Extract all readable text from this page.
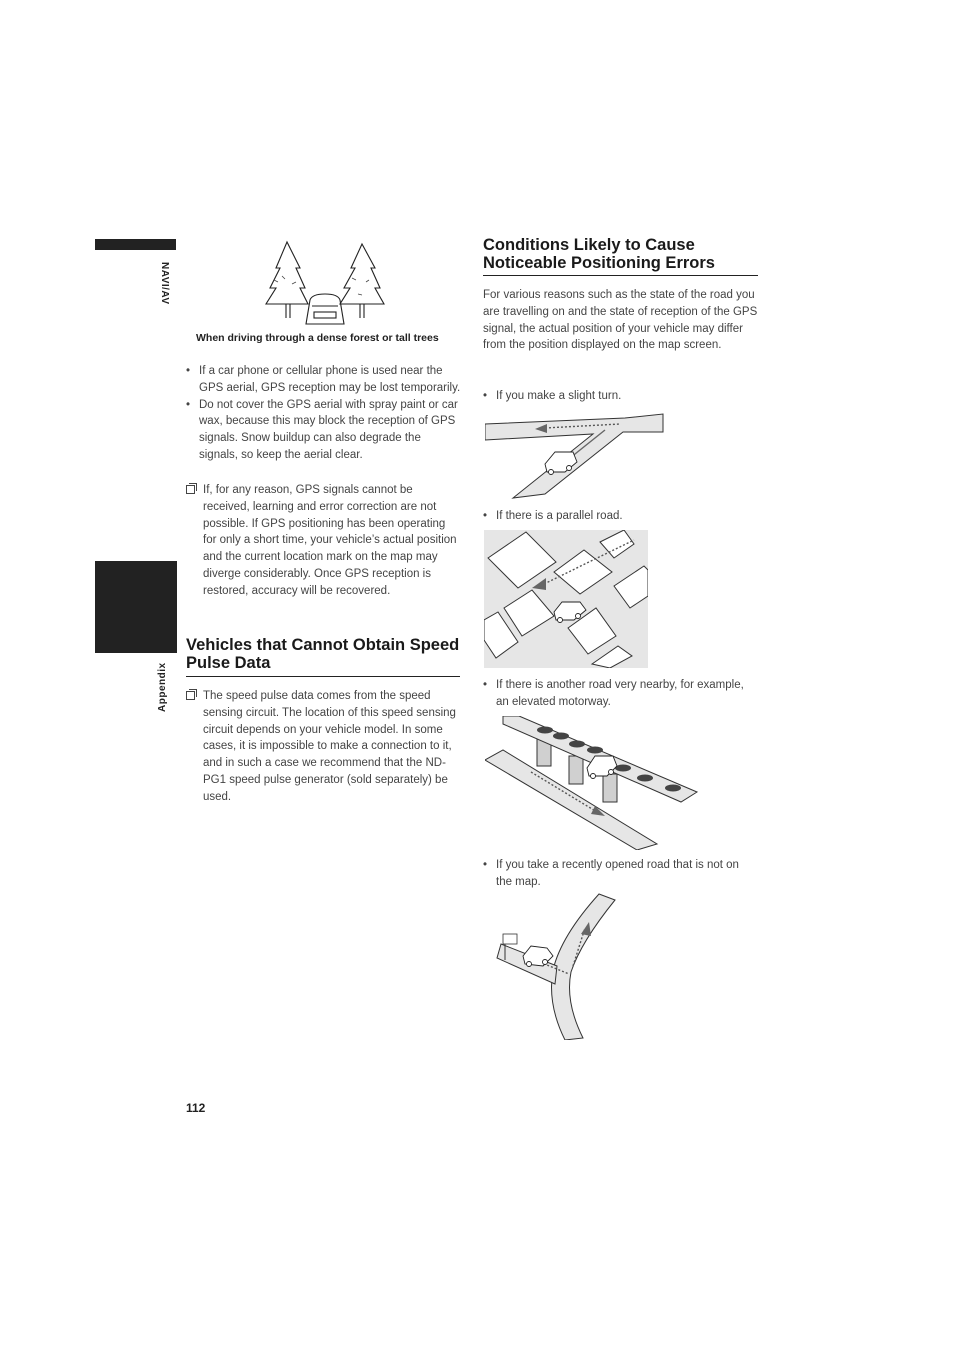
NAVI/AV
Appendix
When driving through a dense forest or tall trees
• If a car phone or cellular phone is used near the GPS aerial, GPS reception may be lost temporarily.
• Do not cover the GPS aerial with spray paint or car wax, because this may block the reception of GPS signals. Snow buildup can also degrade the signals, so keep the aerial clear.
If, for any reason, GPS signals cannot be received, learning and error correction are not possible. If GPS positioning has been operating for only a short time, your vehicle’s actual position and the current location mark on the map may diverge considerably. Once GPS reception is restored, accuracy will be recovered.
Vehicles that Cannot Obtain Speed Pulse Data
The speed pulse data comes from the speed sensing circuit. The location of this speed sensing circuit depends on your vehicle model. In some cases, it is impossible to make a connection to it, and in such a case we recommend that the ND-PG1 speed pulse generator (sold separately) be used.
Conditions Likely to Cause Noticeable Positioning Errors
For various reasons such as the state of the road you are travelling on and the state of reception of the GPS signal, the actual position of your vehicle may differ from the position displayed on the map screen.
• If you make a slight turn.
• If there is a parallel road.
• If there is another road very nearby, for example, an elevated motorway.
• If you take a recently opened road that is not on the map.
112
